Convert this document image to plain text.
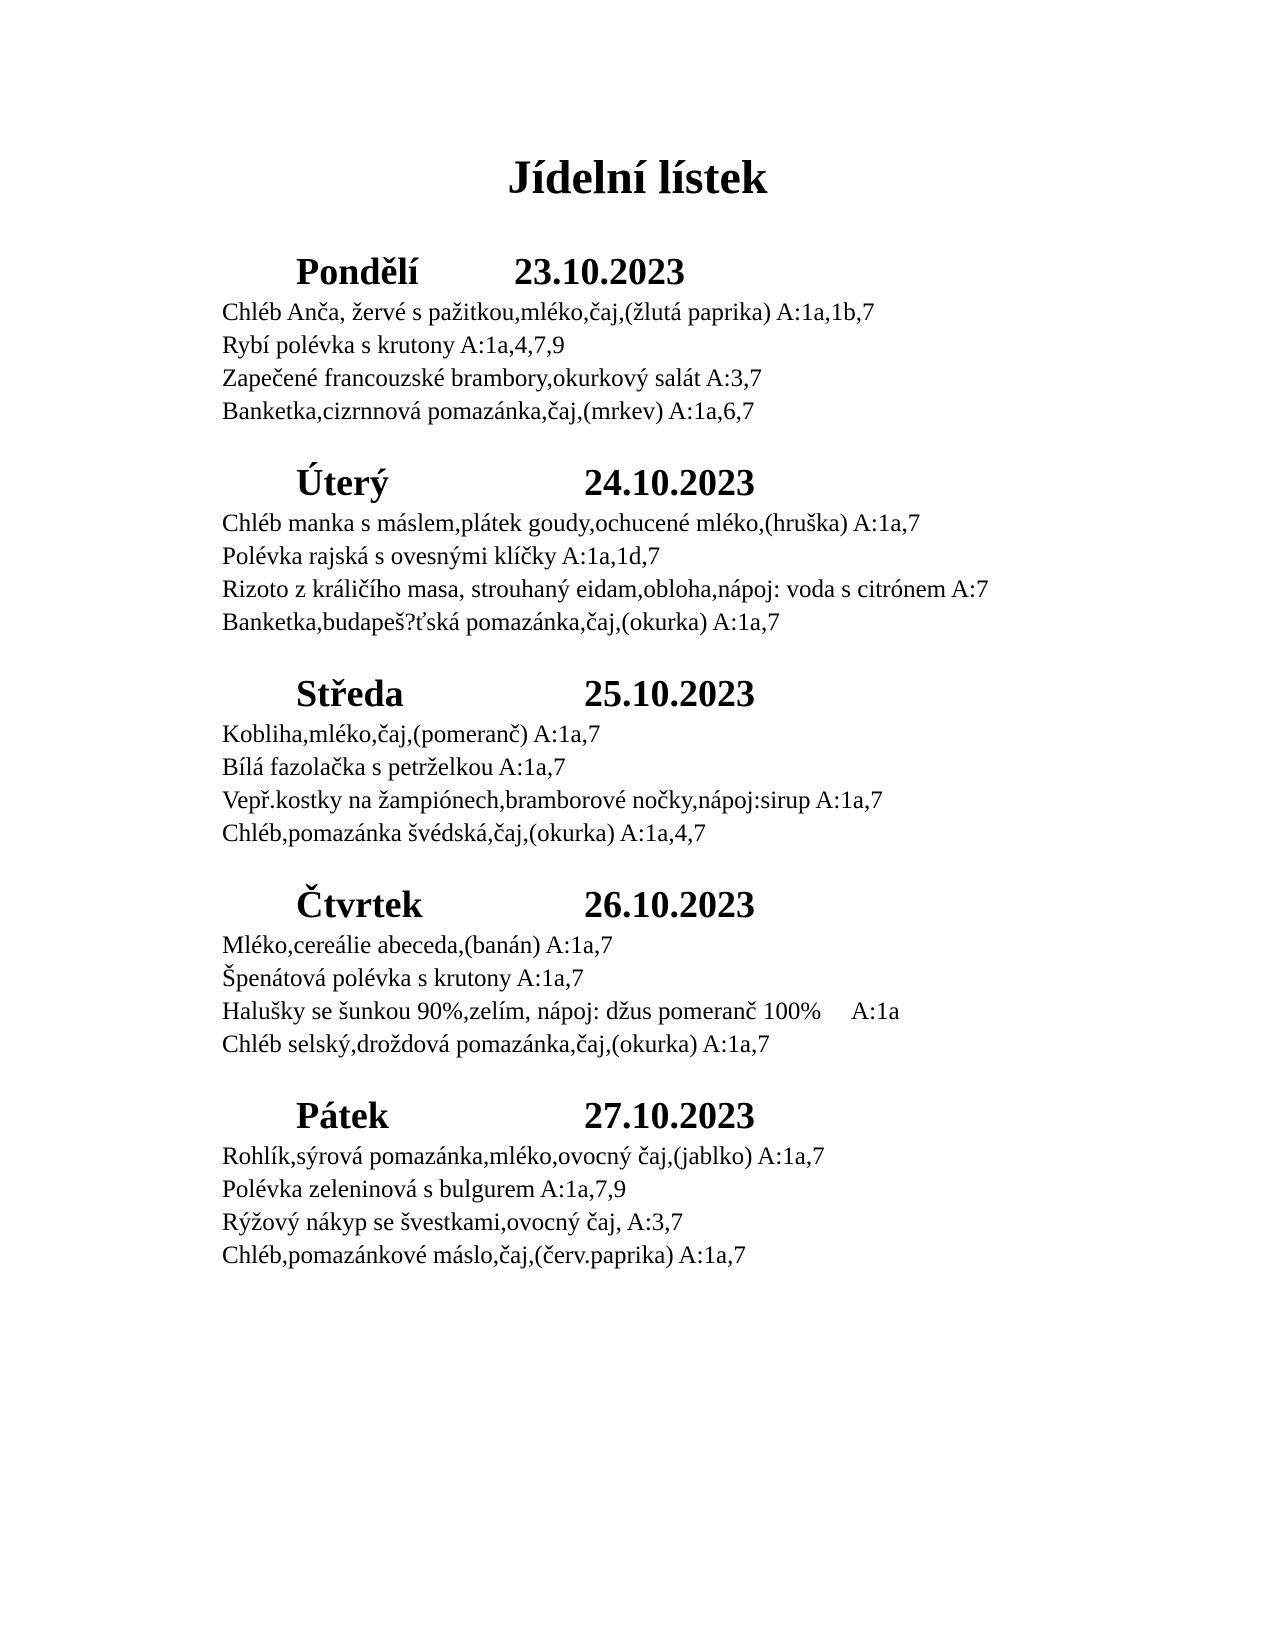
Jídelní lístek
Pondělí	23.10.2023
Chléb Anča, žervé s pažitkou,mléko,čaj,(žlutá paprika) A:1a,1b,7
Rybí polévka s krutony A:1a,4,7,9
Zapečené francouzské brambory,okurkový salát A:3,7
Banketka,cizrnnová pomazánka,čaj,(mrkev) A:1a,6,7
Úterý	24.10.2023
Chléb manka s máslem,plátek goudy,ochucené mléko,(hruška) A:1a,7
Polévka rajská s ovesnými klíčky A:1a,1d,7
Rizoto z králičího masa, strouhaný eidam,obloha,nápoj: voda s citrónem A:7
Banketka,budapeš?ťská pomazánka,čaj,(okurka) A:1a,7
Středa	25.10.2023
Kobliha,mléko,čaj,(pomeranč) A:1a,7
Bílá fazolačka s petrželkou A:1a,7
Vepř.kostky na žampiónech,bramborové nočky,nápoj:sirup A:1a,7
Chléb,pomazánka švédská,čaj,(okurka) A:1a,4,7
Čtvrtek	26.10.2023
Mléko,cereálie abeceda,(banán) A:1a,7
Špenátová polévka s krutony A:1a,7
Halušky se šunkou 90%,zelím, nápoj: džus pomeranč 100%     A:1a
Chléb selský,droždová pomazánka,čaj,(okurka) A:1a,7
Pátek	27.10.2023
Rohlík,sýrová pomazánka,mléko,ovocný čaj,(jablko) A:1a,7
Polévka zeleninová s bulgurem A:1a,7,9
Rýžový nákyp se švestkami,ovocný čaj, A:3,7
Chléb,pomazánkové máslo,čaj,(červ.paprika) A:1a,7
